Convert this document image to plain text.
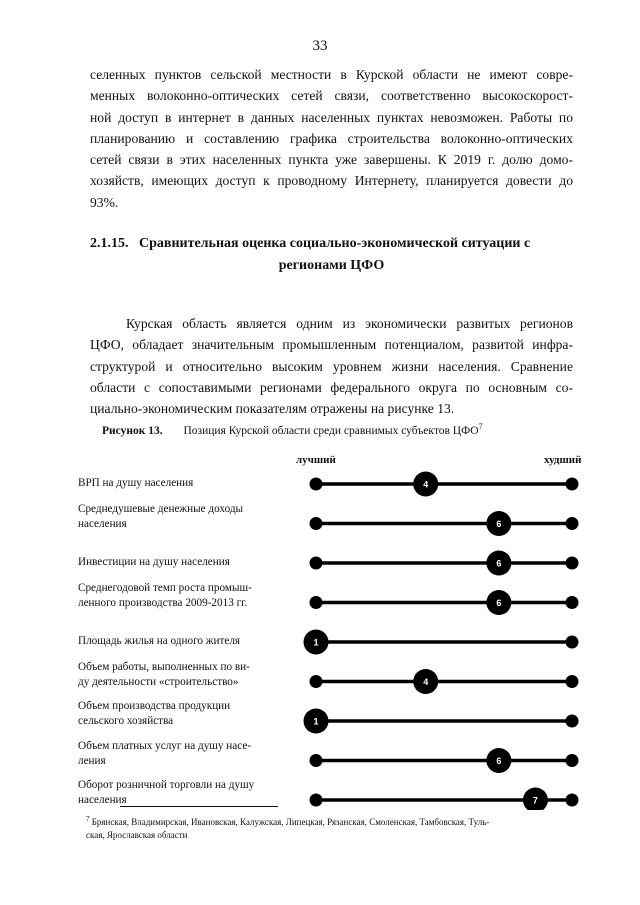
33
селенных пунктов сельской местности в Курской области не имеют совре-
менных волоконно-оптических сетей связи, соответственно высокоскорост-
ной доступ в интернет в данных населенных пунктах невозможен. Работы по
планированию и составлению графика строительства волоконно-оптических
сетей связи в этих населенных пункта уже завершены. К 2019 г. долю домо-
хозяйств, имеющих доступ к проводному Интернету, планируется довести до
93%.
2.1.15. Сравнительная оценка социально-экономической ситуации с
регионами ЦФО
Курская область является одним из экономически развитых регионов
ЦФО, обладает значительным промышленным потенциалом, развитой инфра-
структурой и относительно высоким уровнем жизни населения. Сравнение
области с сопоставимыми регионами федерального округа по основным со-
циально-экономическим показателям отражены на рисунке 13.
Рисунок 13. Позиция Курской области среди сравнимых субъектов ЦФО$^7$
лучший	худший
ВРП на душу населения
Среднедушевые денежные доходы
населения
Инвестиции на душу населения
Среднегодовой темп роста промыш-
ленного производства 2009-2013 гг.
Площадь жилья на одного жителя
Объем работы, выполненных по ви-
ду деятельности «строительство»
Объем производства продукции
сельского хозяйства
Объем платных услуг на душу насе-
ления
Оборот розничной торговли на душу
населения
4
6
6
6
1
4
1
6
7
$^7$ Брянская, Владимирская, Ивановская, Калужская, Липецкая, Рязанская, Смоленская, Тамбовская, Туль-
ская, Ярославская области
